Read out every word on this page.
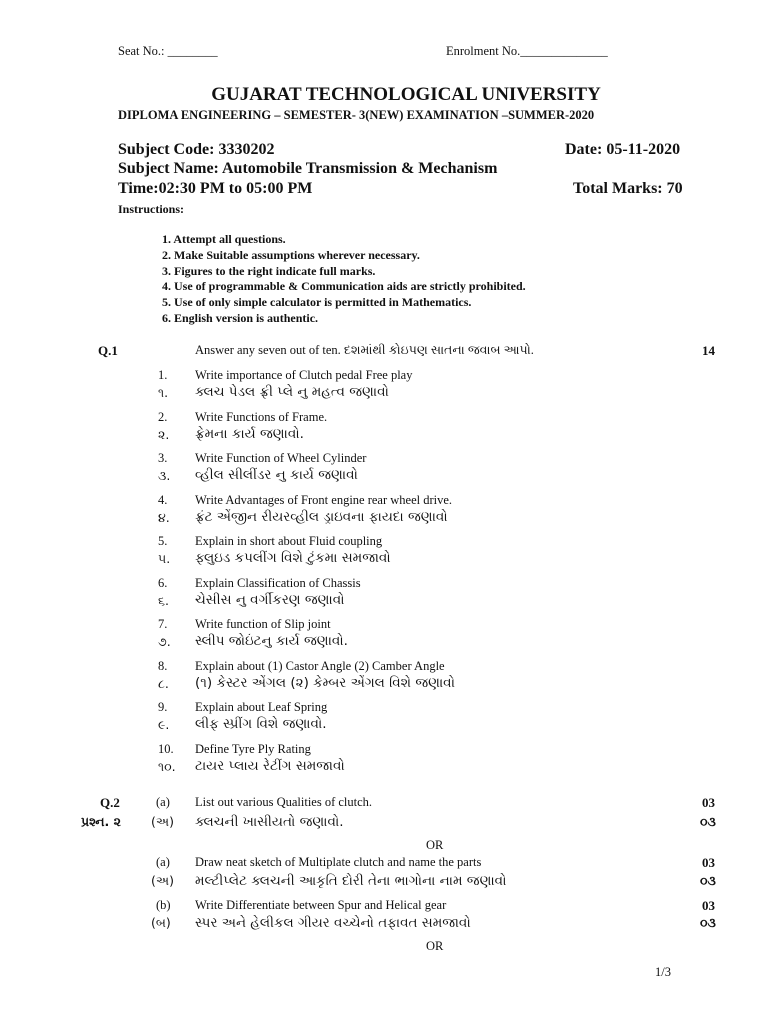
Seat No.: ________	Enrolment No.______________
GUJARAT TECHNOLOGICAL UNIVERSITY
DIPLOMA ENGINEERING – SEMESTER- 3(NEW) EXAMINATION –SUMMER-2020
Subject Code: 3330202	Date: 05-11-2020
Subject Name: Automobile Transmission & Mechanism
Time:02:30 PM to 05:00 PM	Total Marks: 70
Instructions:
1. Attempt all questions.
2. Make Suitable assumptions wherever necessary.
3. Figures to the right indicate full marks.
4. Use of programmable & Communication aids are strictly prohibited.
5. Use of only simple calculator is permitted in Mathematics.
6. English version is authentic.
Q.1	Answer any seven out of ten. દશમાંથી કોઇપણ સાતના જવાબ આપો.	14
1. Write importance of Clutch pedal Free play
૧. ક્લચ પેડલ ફ્રી પ્લે નુ મહત્વ જણાવો
2. Write Functions of Frame.
૨. ફ્રેમના કાર્ય જણાવો.
3. Write Function of Wheel Cylinder
૩. વ્હીલ સીલીંડર નુ કાર્ય જણાવો
4. Write Advantages of Front engine rear wheel drive.
૪. ફ્રંટ એંજીન રીયરવ્હીલ ડ્રાઇવના ફાયદા જણાવો
5. Explain in short about Fluid coupling
૫. ફ્લુઇડ કપલીંગ વિશે ટુંકમા સમજાવો
6. Explain Classification of Chassis
૬. ચેસીસ નુ વર્ગીકરણ જણાવો
7. Write function of Slip joint
૭. સ્લીપ જોઇંટનુ કાર્ય જણાવો.
8. Explain about (1) Castor Angle (2) Camber Angle
૮. (૧) કેસ્ટર એંગલ (૨) કેમ્બર એંગલ વિશે જણાવો
9. Explain about Leaf Spring
૯. લીફ સ્પ્રીંગ વિશે જણાવો.
10. Define Tyre Ply Rating
૧૦. ટાયર પ્લાય રેટીંગ સમજાવો
Q.2	(a) List out various Qualities of clutch.	03
પ્રશ્ન. ૨ (અ) ક્લચની ખાસીયતો જણાવો.	૦૩
OR
(a) Draw neat sketch of Multiplate clutch and name the parts	03
(અ) મલ્ટીપ્લેટ ક્લચની આકૃતિ દોરી તેના ભાગોના નામ જણાવો	૦૩
(b) Write Differentiate between Spur and Helical gear	03
(બ) સ્પર અને હેલીકલ ગીયર વચ્ચેનો તફાવત સમજાવો	૦૩
OR
1/3
